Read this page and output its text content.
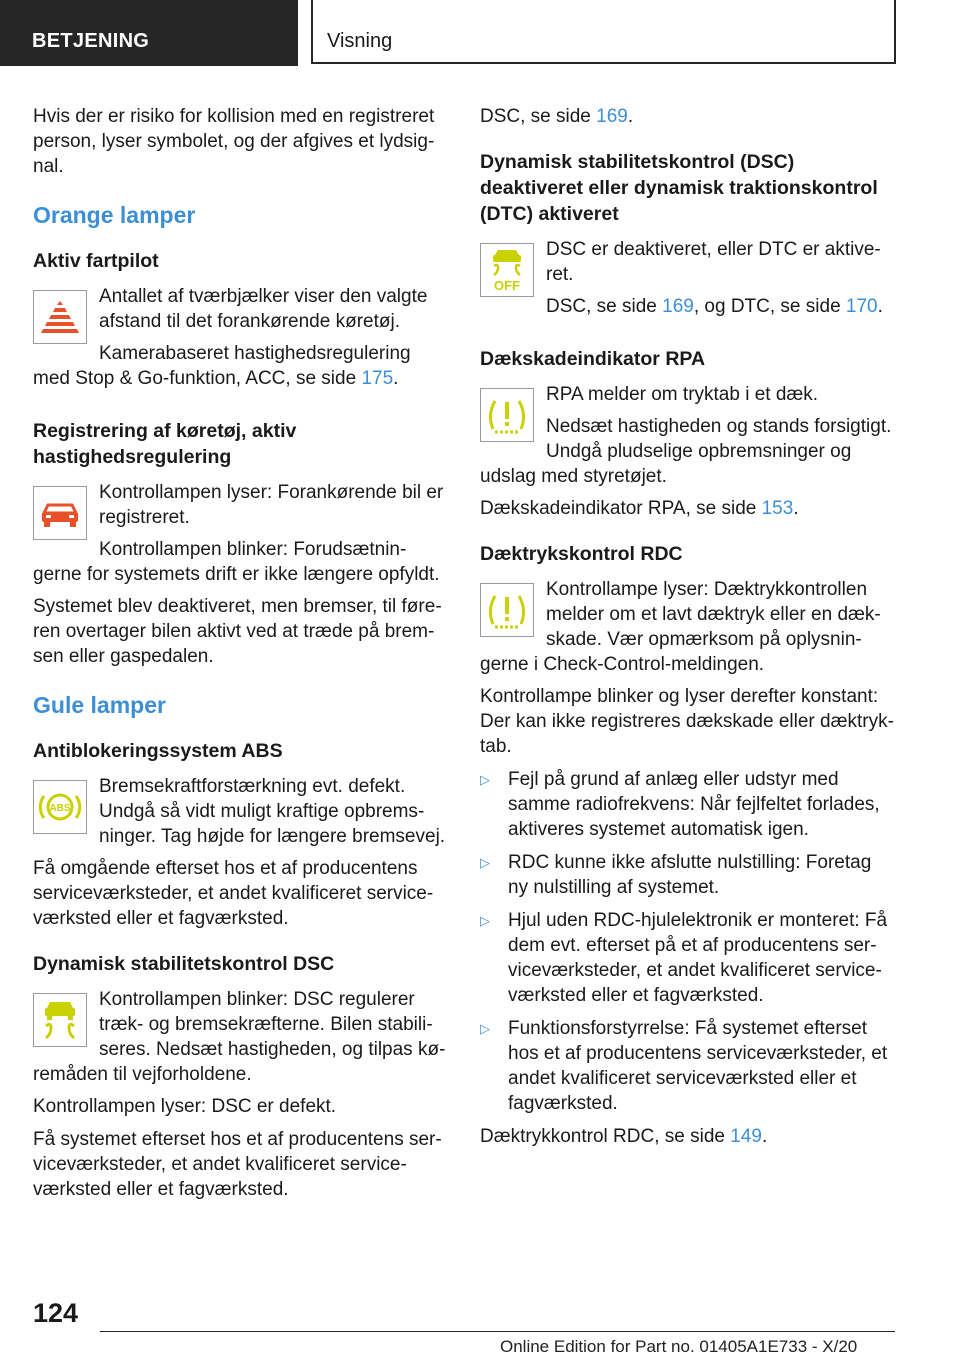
BETJENING	Visning

Hvis der er risiko for kollision med en registreret person, lyser symbolet, og der afgives et lydsignal.

Orange lamper
Aktiv fartpilot

Antallet af tværbjælker viser den valgte afstand til det forankørende køretøj.

Kamerabaseret hastighedsregulering med Stop & Go-funktion, ACC, se side 175.

Registrering af køretøj, aktiv hastighedsregulering

Kontrollampen lyser: Forankørende bil er registreret.

Kontrollampen blinker: Forudsætningerne for systemets drift er ikke længere opfyldt.

Systemet blev deaktiveret, men bremser, til føreren overtager bilen aktivt ved at træde på bremsen eller gaspedalen.

Gule lamper
Antiblokeringssystem ABS
ABS

Bremsekraftforstærkning evt. defekt. Undgå så vidt muligt kraftige opbremsninger. Tag højde for længere bremsevej.

Få omgående efterset hos et af producentens serviceværksteder, et andet kvalificeret serviceværksted eller et fagværksted.

Dynamisk stabilitetskontrol DSC

Kontrollampen blinker: DSC regulerer træk- og bremsekræfterne. Bilen stabiliseres. Nedsæt hastigheden, og tilpas køremåden til vejforholdene.

Kontrollampen lyser: DSC er defekt.

Få systemet efterset hos et af producentens serviceværksteder, et andet kvalificeret serviceværksted eller et fagværksted.

DSC, se side 169.

Dynamisk stabilitetskontrol (DSC) deaktiveret eller dynamisk traktionskontrol (DTC) aktiveret
OFF

DSC er deaktiveret, eller DTC er aktiveret.

DSC, se side 169, og DTC, se side 170.

Dækskadeindikator RPA

RPA melder om tryktab i et dæk.

Nedsæt hastigheden og stands forsigtigt. Undgå pludselige opbremsninger og udslag med styretøjet.

Dækskadeindikator RPA, se side 153.

Dæktrykskontrol RDC

Kontrollampe lyser: Dæktrykkontrollen melder om et lavt dæktryk eller en dækskade. Vær opmærksom på oplysningerne i Check-Control-meldingen.

Kontrollampe blinker og lyser derefter konstant: Der kan ikke registreres dækskade eller dæktryktab.

▷ Fejl på grund af anlæg eller udstyr med samme radiofrekvens: Når fejlfeltet forlades, aktiveres systemet automatisk igen.
▷ RDC kunne ikke afslutte nulstilling: Foretag ny nulstilling af systemet.
▷ Hjul uden RDC-hjulelektronik er monteret: Få dem evt. efterset på et af producentens serviceværksteder, et andet kvalificeret serviceværksted eller et fagværksted.
▷ Funktionsforstyrrelse: Få systemet efterset hos et af producentens serviceværksteder, et andet kvalificeret serviceværksted eller et fagværksted.

Dæktrykkontrol RDC, se side 149.

124
Online Edition for Part no. 01405A1E733 - X/20
